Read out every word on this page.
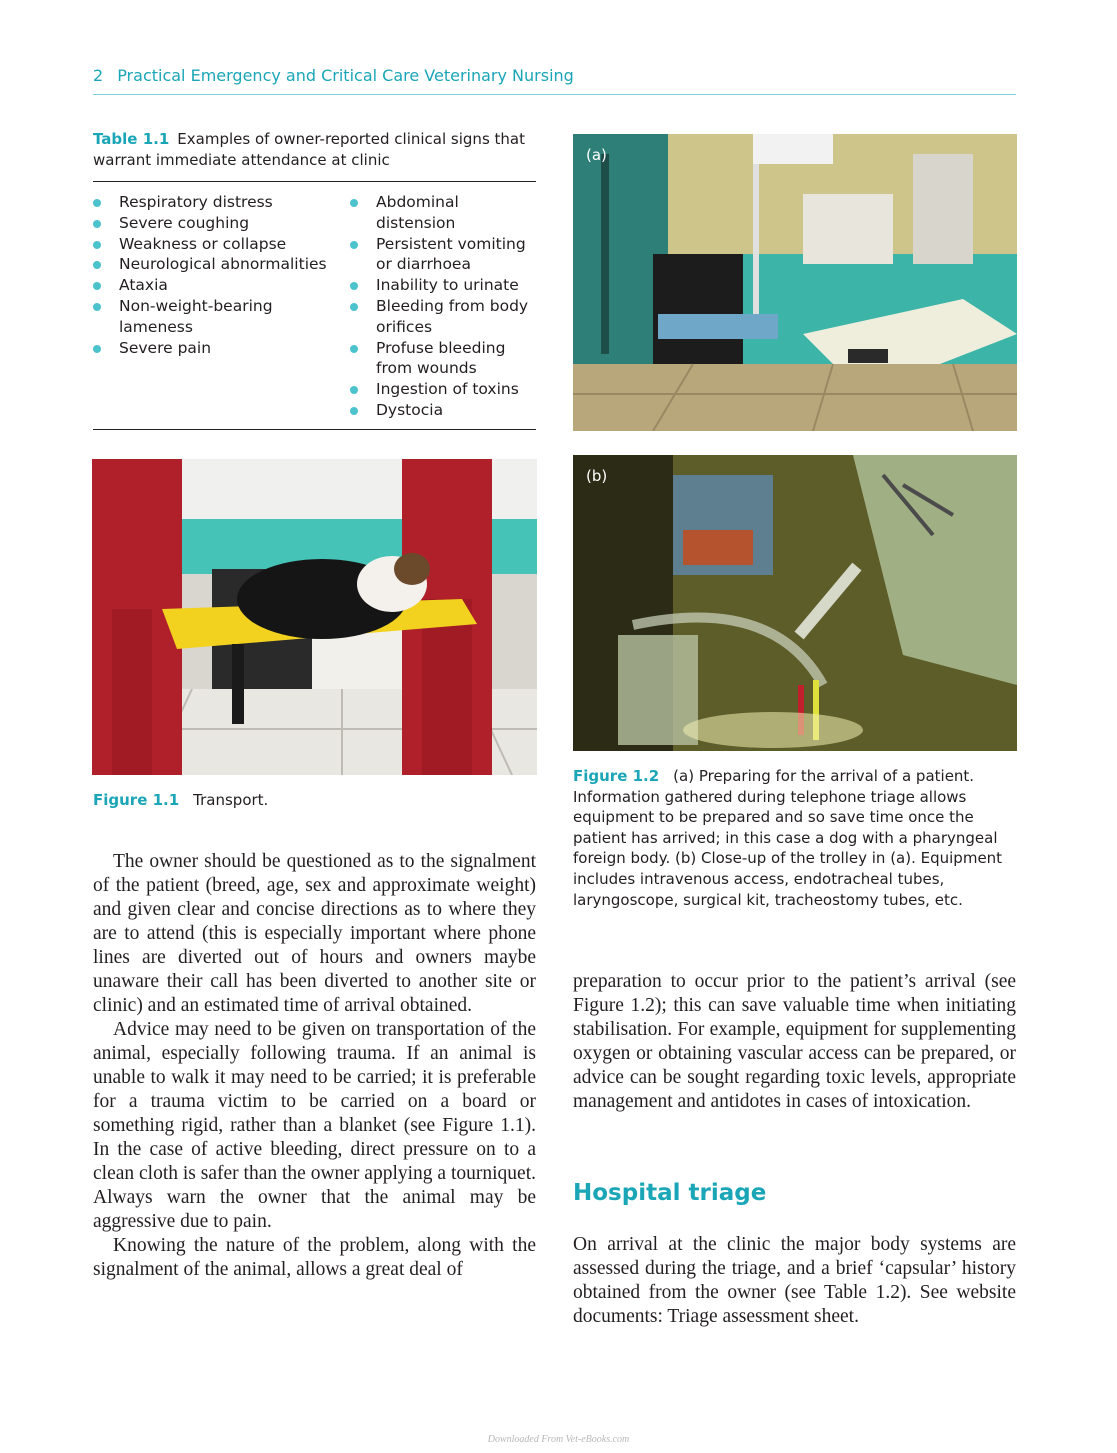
2 Practical Emergency and Critical Care Veterinary Nursing

Table 1.1 Examples of owner-reported clinical signs that warrant immediate attendance at clinic

Respiratory distress
Severe coughing
Weakness or collapse
Neurological abnormalities
Ataxia
Non-weight-bearing lameness
Severe pain
Abdominal distension
Persistent vomiting or diarrhoea
Inability to urinate
Bleeding from body orifices
Profuse bleeding from wounds
Ingestion of toxins
Dystocia
(a)
(b)
Figure 1.1 Transport.
Figure 1.2 (a) Preparing for the arrival of a patient. Information gathered during telephone triage allows equipment to be prepared and so save time once the patient has arrived; in this case a dog with a pharyngeal foreign body. (b) Close-up of the trolley in (a). Equipment includes intravenous access, endotracheal tubes, laryngoscope, surgical kit, tracheostomy tubes, etc.

The owner should be questioned as to the signalment of the patient (breed, age, sex and approximate weight) and given clear and concise directions as to where they are to attend (this is especially important where phone lines are diverted out of hours and owners maybe unaware their call has been diverted to another site or clinic) and an estimated time of arrival obtained.

Advice may need to be given on transportation of the animal, especially following trauma. If an animal is unable to walk it may need to be carried; it is preferable for a trauma victim to be carried on a board or something rigid, rather than a blanket (see Figure 1.1). In the case of active bleeding, direct pressure on to a clean cloth is safer than the owner applying a tourniquet. Always warn the owner that the animal may be aggressive due to pain.

Knowing the nature of the problem, along with the signalment of the animal, allows a great deal of

preparation to occur prior to the patient’s arrival (see Figure 1.2); this can save valuable time when initiating stabilisation. For example, equipment for supplementing oxygen or obtaining vascular access can be prepared, or advice can be sought regarding toxic levels, appropriate management and antidotes in cases of intoxication.

Hospital triage

On arrival at the clinic the major body systems are assessed during the triage, and a brief ‘capsular’ history obtained from the owner (see Table 1.2). See website documents: Triage assessment sheet.

Downloaded From Vet-eBooks.com
